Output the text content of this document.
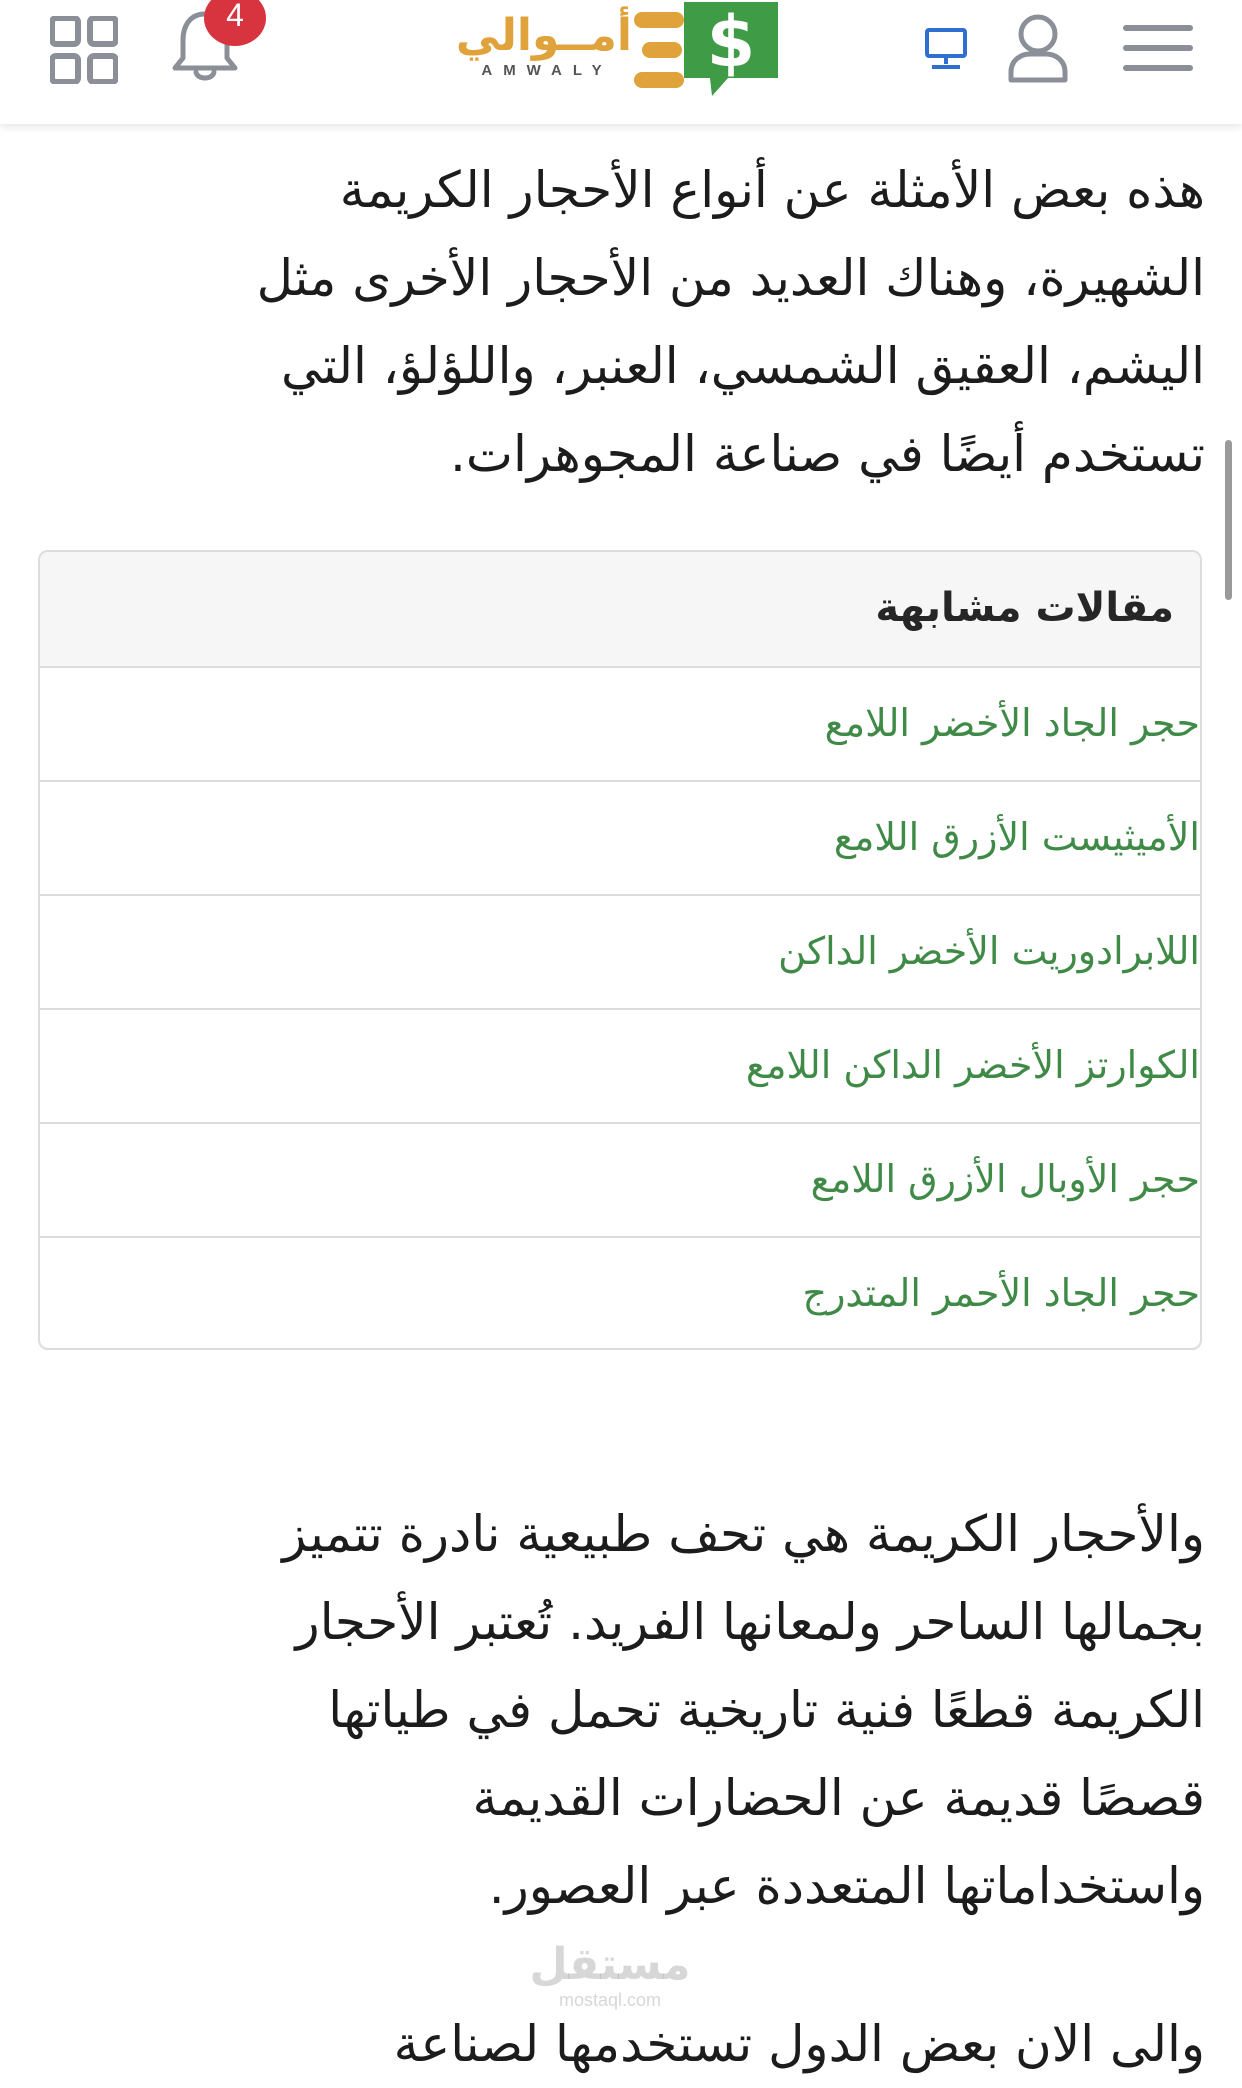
4	أمــوالي
AMWALY $

هذه بعض الأمثلة عن أنواع الأحجار الكريمة
الشهيرة، وهناك العديد من الأحجار الأخرى مثل
اليشم، العقيق الشمسي، العنبر، واللؤلؤ، التي
تستخدم أيضًا في صناعة المجوهرات.

مقالات مشابهة
حجر الجاد الأخضر اللامع
الأميثيست الأزرق اللامع
اللابرادوريت الأخضر الداكن
الكوارتز الأخضر الداكن اللامع
حجر الأوبال الأزرق اللامع
حجر الجاد الأحمر المتدرج

والأحجار الكريمة هي تحف طبيعية نادرة تتميز
بجمالها الساحر ولمعانها الفريد. تُعتبر الأحجار
الكريمة قطعًا فنية تاريخية تحمل في طياتها
قصصًا قديمة عن الحضارات القديمة
واستخداماتها المتعددة عبر العصور.

والى الان بعض الدول تستخدمها لصناعة

مستقل
mostaql.com
